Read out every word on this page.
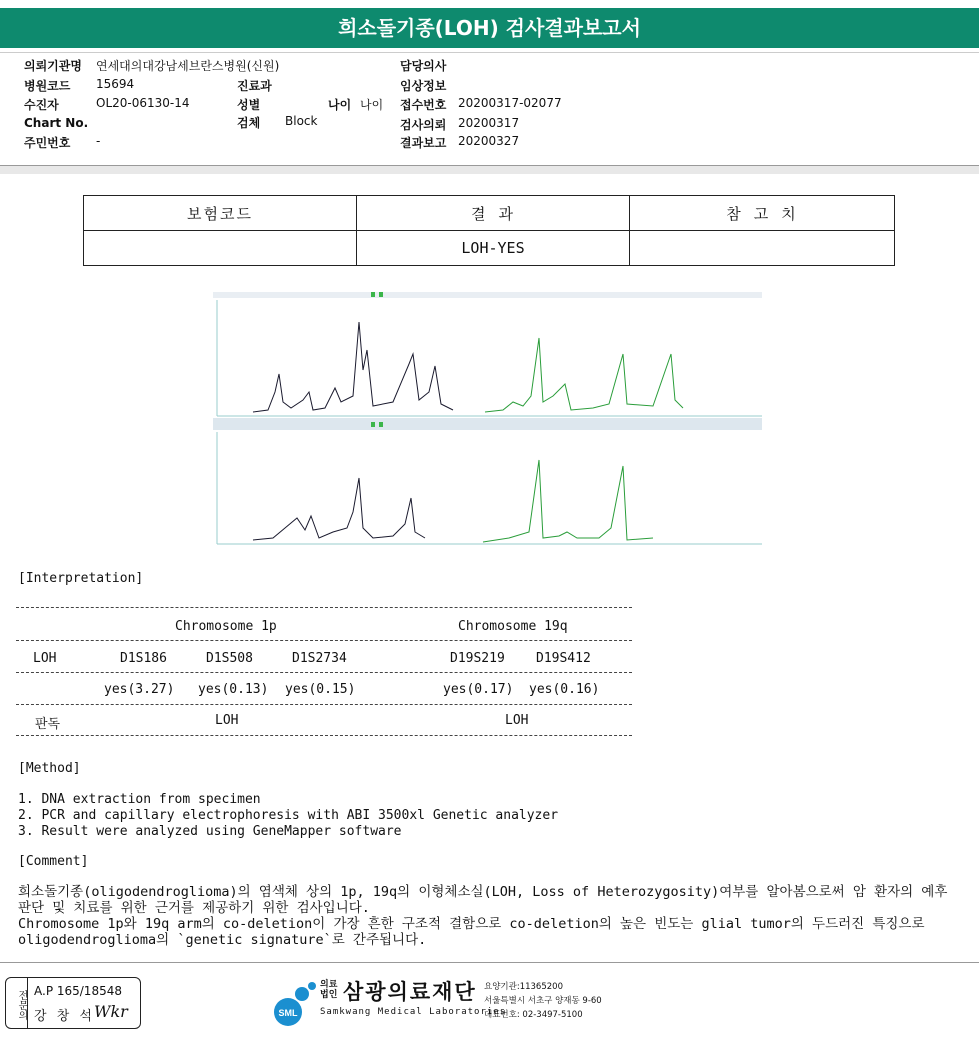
희소돌기종(LOH) 검사결과보고서
의뢰기관명 연세대의대강남세브란스병원(신원)
병원코드 15694
수진자	OL20-06130-14
Chart No.
주민번호 -
진료과
성별	나이 나이
검체 Block
담당의사
임상정보
접수번호 20200317-02077
검사의뢰 20200317
결과보고 20200327
보험코드	결 과	참 고 치
	LOH-YES	
[Interpretation]
Chromosome 1p	Chromosome 19q
LOH	D1S186	D1S508	D1S2734	D19S219 D19S412
yes(3.27) yes(0.13) yes(0.15)	yes(0.17) yes(0.16)
판독	LOH	LOH
[Method]
1. DNA extraction from specimen
2. PCR and capillary electrophoresis with ABI 3500xl Genetic analyzer
3. Result were analyzed using GeneMapper software
[Comment]
희소돌기종(oligodendroglioma)의 염색체 상의 1p, 19q의 이형체소실(LOH, Loss of Heterozygosity)여부를 알아봄으로써 암 환자의 예후 판단 및 치료를 위한 근거를 제공하기 위한 검사입니다.
Chromosome 1p와 19q arm의 co-deletion이 가장 흔한 구조적 결함으로 co-deletion의 높은 빈도는 glial tumor의 두드러진 특징으로 oligodendroglioma의 `genetic signature`로 간주됩니다.
전문의 A.P 165/18548
강 창 석 Wkr	SML
의료
법인 삼광의료재단
Samkwang Medical Laboratories
요양기관:11365200
서울특별시 서초구 양재동 9-60
대표번호: 02-3497-5100
